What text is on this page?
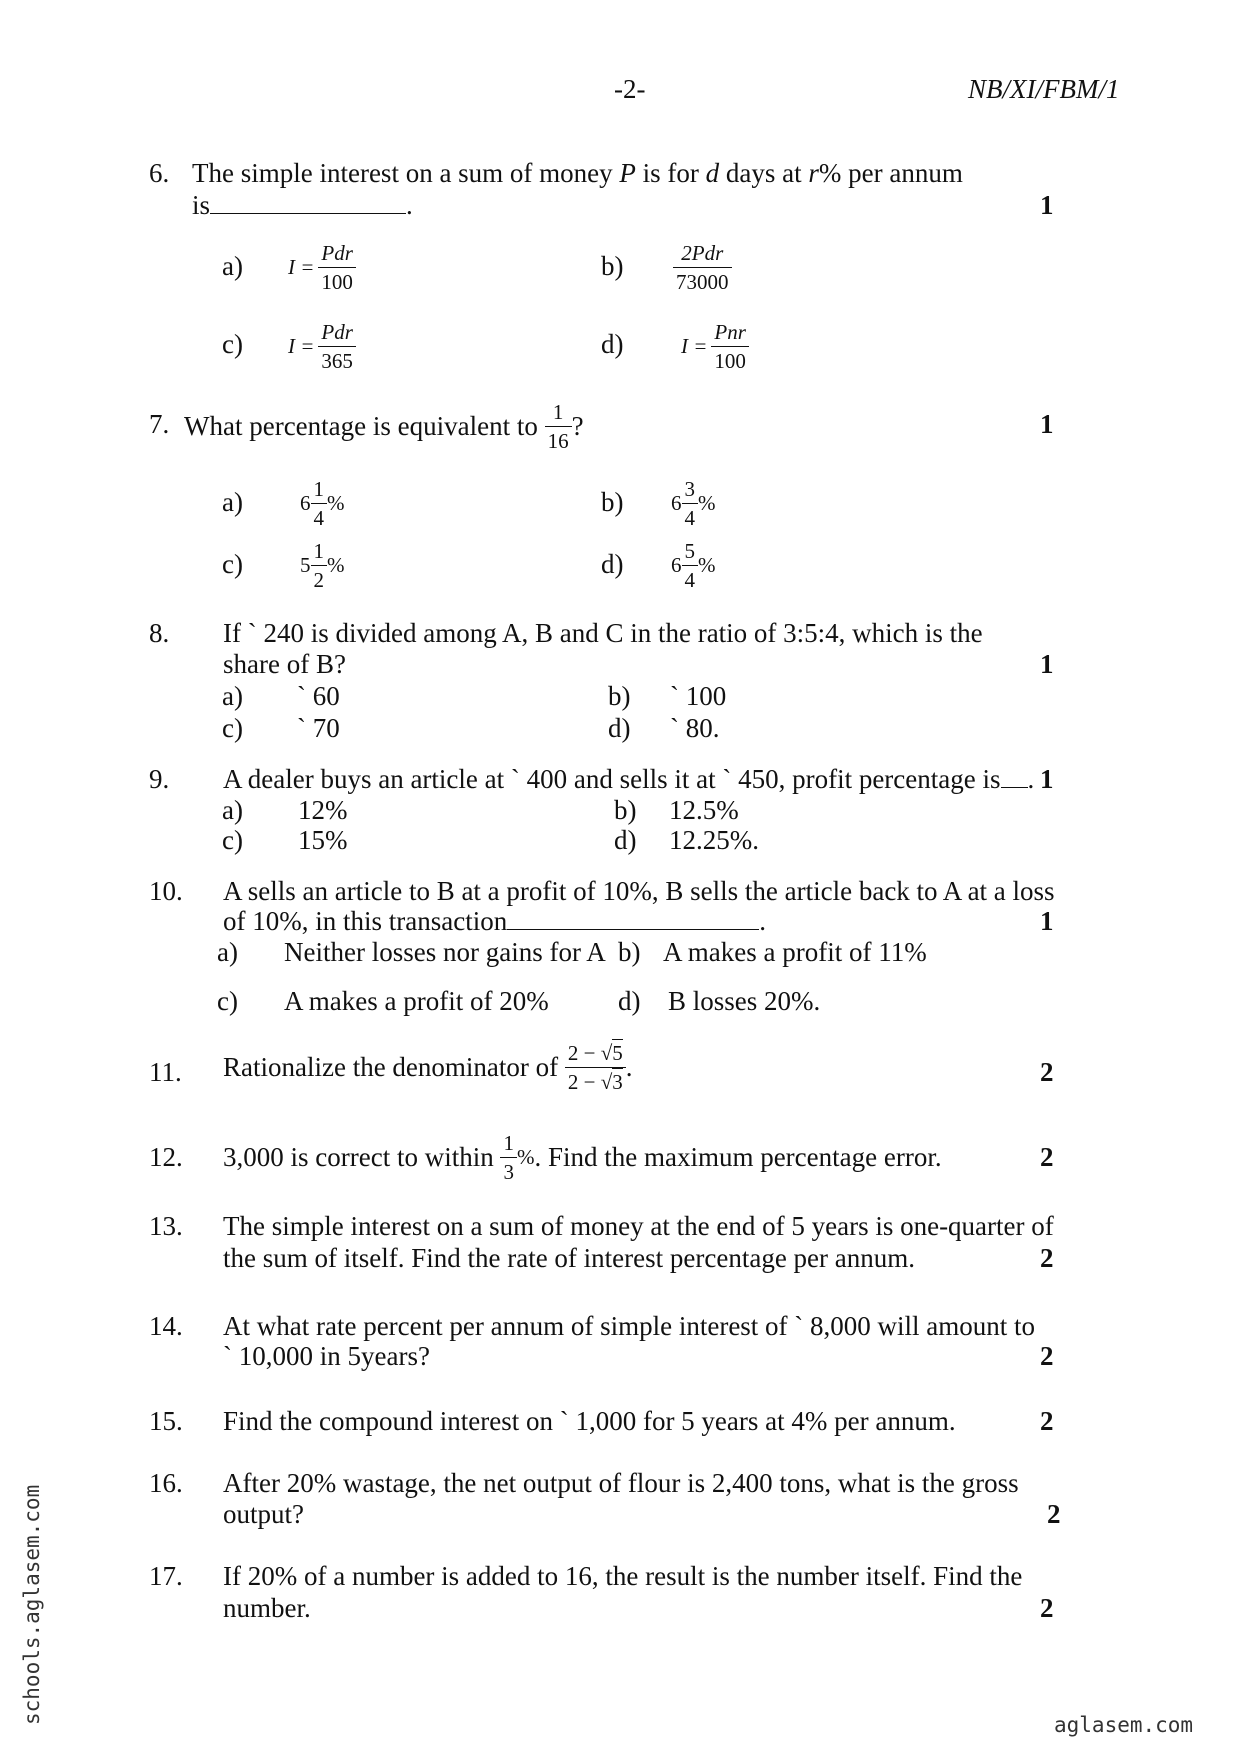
-2-	NB/XI/FBM/1
6. The simple interest on a sum of money P is for d days at r% per annum
is	.	1
a) $I = \frac{\text{Pdr}}{100}$	$b) \frac{\text{2Pdr}}{73000}$
c) $I = \frac{\text{Pdr}}{365}$	d)	$I = \frac{\text{Pnr}}{100}$
7. What percentage is equivalent to $\frac{1}{16}$ ?	1
a)	$6 \frac{1}{4}$ %	b) $6 \frac{3}{4}$ %
c)	$5 \frac{1}{2}$ %	d) $6 \frac{5}{4}$ %
8. If ` 240 is divided among A, B and C in the ratio of 3:5:4, which is the
share of B?	1
a) ` 60	b) ` 100
c) ` 70	d) ` 80.
9. A dealer buys an article at ` 400 and sells it at ` 450, profit percentage is . 1
a) 12%	b) 12.5%
c) 15%	d) 12.25%.
10. A sells an article to B at a profit of 10%, B sells the article back to A at a loss
of 10%, in this transaction	.	1
a) Neither losses nor gains for A b) A makes a profit of 11%
c) A makes a profit of 20%	d) B losses 20%.
11. Rationalize the denominator of $\frac{2 - √5}{2 - √3}$ .	2
12. 3,000 is correct to within $\frac{1}{3}$ %. Find the maximum percentage error.	2
13. The simple interest on a sum of money at the end of 5 years is one-quarter of
the sum of itself. Find the rate of interest percentage per annum.	2
14. At what rate percent per annum of simple interest of ` 8,000 will amount to
` 10,000 in 5years?	2
15. Find the compound interest on ` 1,000 for 5 years at 4% per annum.	2
16. After 20% wastage, the net output of flour is 2,400 tons, what is the gross
output?	2
17. If 20% of a number is added to 16, the result is the number itself. Find the
number.	2
schools.aglasem.com	aglasem.com
